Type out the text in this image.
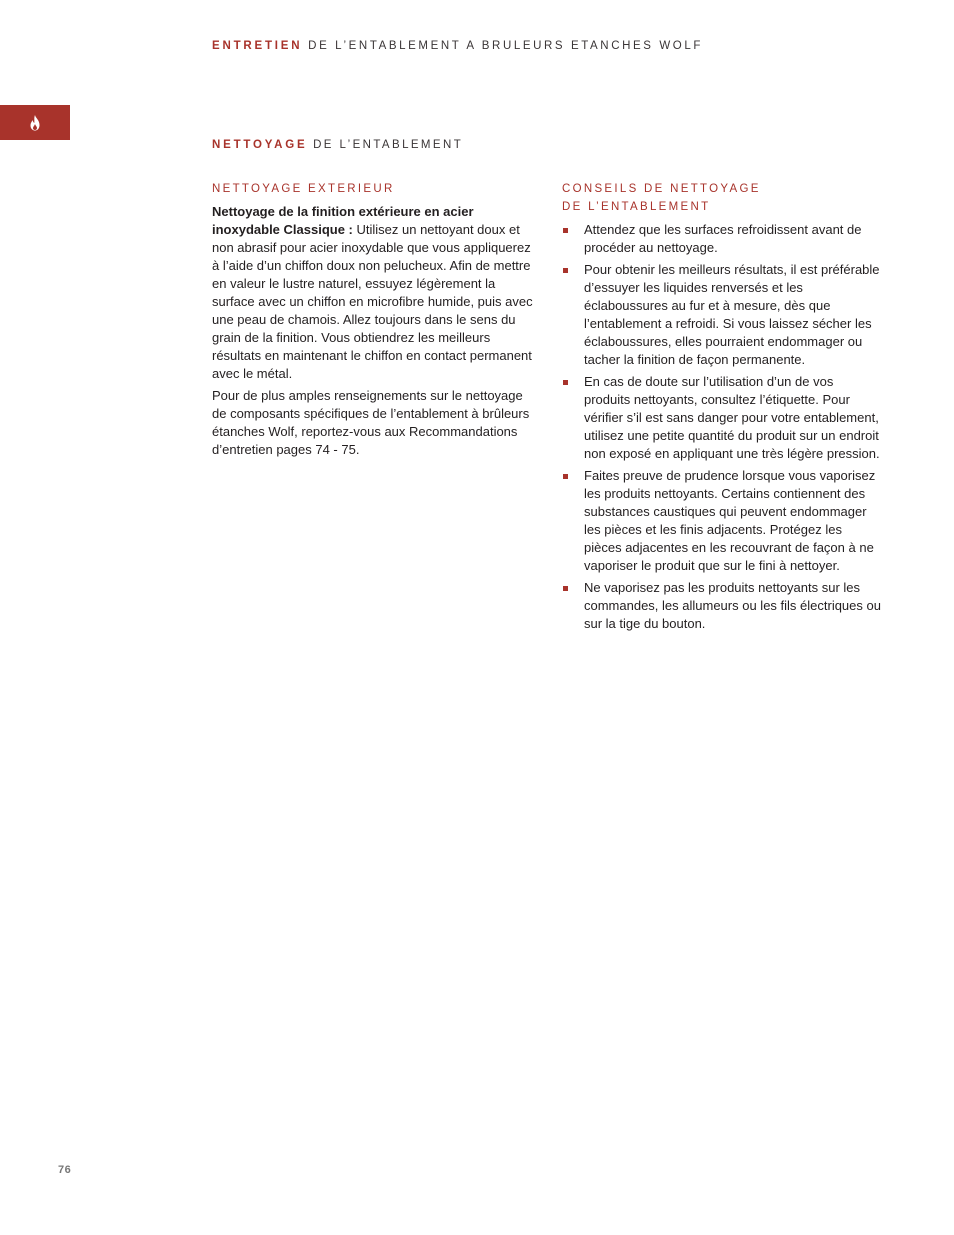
ENTRETIEN DE L’ENTABLEMENT A BRULEURS ETANCHES WOLF
NETTOYAGE DE L’ENTABLEMENT
NETTOYAGE EXTERIEUR

Nettoyage de la finition extérieure en acier inoxydable Classique : Utilisez un nettoyant doux et non abrasif pour acier inoxydable que vous appliquerez à l’aide d’un chiffon doux non pelucheux. Afin de mettre en valeur le lustre naturel, essuyez légèrement la surface avec un chiffon en microfibre humide, puis avec une peau de chamois. Allez toujours dans le sens du grain de la finition. Vous obtiendrez les meilleurs résultats en maintenant le chiffon en contact permanent avec le métal.

Pour de plus amples renseignements sur le nettoyage de composants spécifiques de l’entablement à brûleurs étanches Wolf, reportez-vous aux Recommandations d’entretien pages 74 - 75.

CONSEILS DE NETTOYAGE
DE L’ENTABLEMENT
Attendez que les surfaces refroidissent avant de procéder au nettoyage.
Pour obtenir les meilleurs résultats, il est préférable d’essuyer les liquides renversés et les éclaboussures au fur et à mesure, dès que l’entablement a refroidi. Si vous laissez sécher les éclaboussures, elles pourraient endommager ou tacher la finition de façon permanente.
En cas de doute sur l’utilisation d’un de vos produits nettoyants, consultez l’étiquette. Pour vérifier s’il est sans danger pour votre entablement, utilisez une petite quantité du produit sur un endroit non exposé en appliquant une très légère pression.
Faites preuve de prudence lorsque vous vaporisez les produits nettoyants. Certains contiennent des substances caustiques qui peuvent endommager les pièces et les finis adjacents. Protégez les pièces adjacentes en les recouvrant de façon à ne vaporiser le produit que sur le fini à nettoyer.
Ne vaporisez pas les produits nettoyants sur les commandes, les allumeurs ou les fils électriques ou sur la tige du bouton.
76
